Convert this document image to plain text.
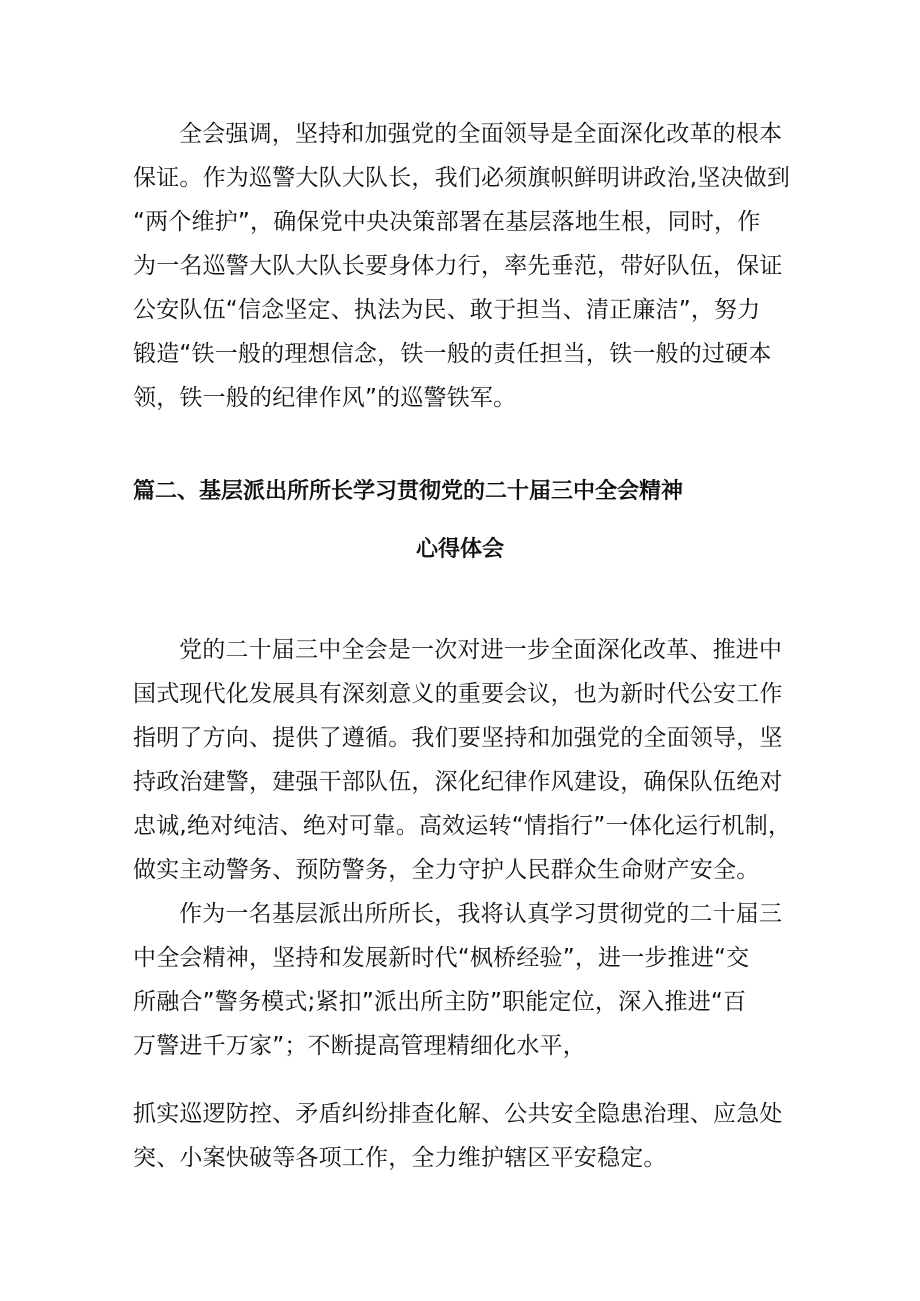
全会强调，坚持和加强党的全面领导是全面深化改革的根本
保证。作为巡警大队大队长，我们必须旗帜鲜明讲政治,坚决做到
“两个维护”，确保党中央决策部署在基层落地生根，同时，作
为一名巡警大队大队长要身体力行，率先垂范，带好队伍，保证
公安队伍“信念坚定、执法为民、敢于担当、清正廉洁”，努力
锻造“铁一般的理想信念，铁一般的责任担当，铁一般的过硬本
领，铁一般的纪律作风”的巡警铁军。
篇二、基层派出所所长学习贯彻党的二十届三中全会精神
心得体会
党的二十届三中全会是一次对进一步全面深化改革、推进中
国式现代化发展具有深刻意义的重要会议，也为新时代公安工作
指明了方向、提供了遵循。我们要坚持和加强党的全面领导，坚
持政治建警，建强干部队伍，深化纪律作风建设，确保队伍绝对
忠诚,绝对纯洁、绝对可靠。高效运转“情指行”一体化运行机制，
做实主动警务、预防警务，全力守护人民群众生命财产安全。
作为一名基层派出所所长，我将认真学习贯彻党的二十届三
中全会精神，坚持和发展新时代“枫桥经验”，进一步推进“交
所融合”警务模式;紧扣”派出所主防”职能定位，深入推进“百
万警进千万家”；不断提高管理精细化水平，
抓实巡逻防控、矛盾纠纷排查化解、公共安全隐患治理、应急处
突、小案快破等各项工作，全力维护辖区平安稳定。
